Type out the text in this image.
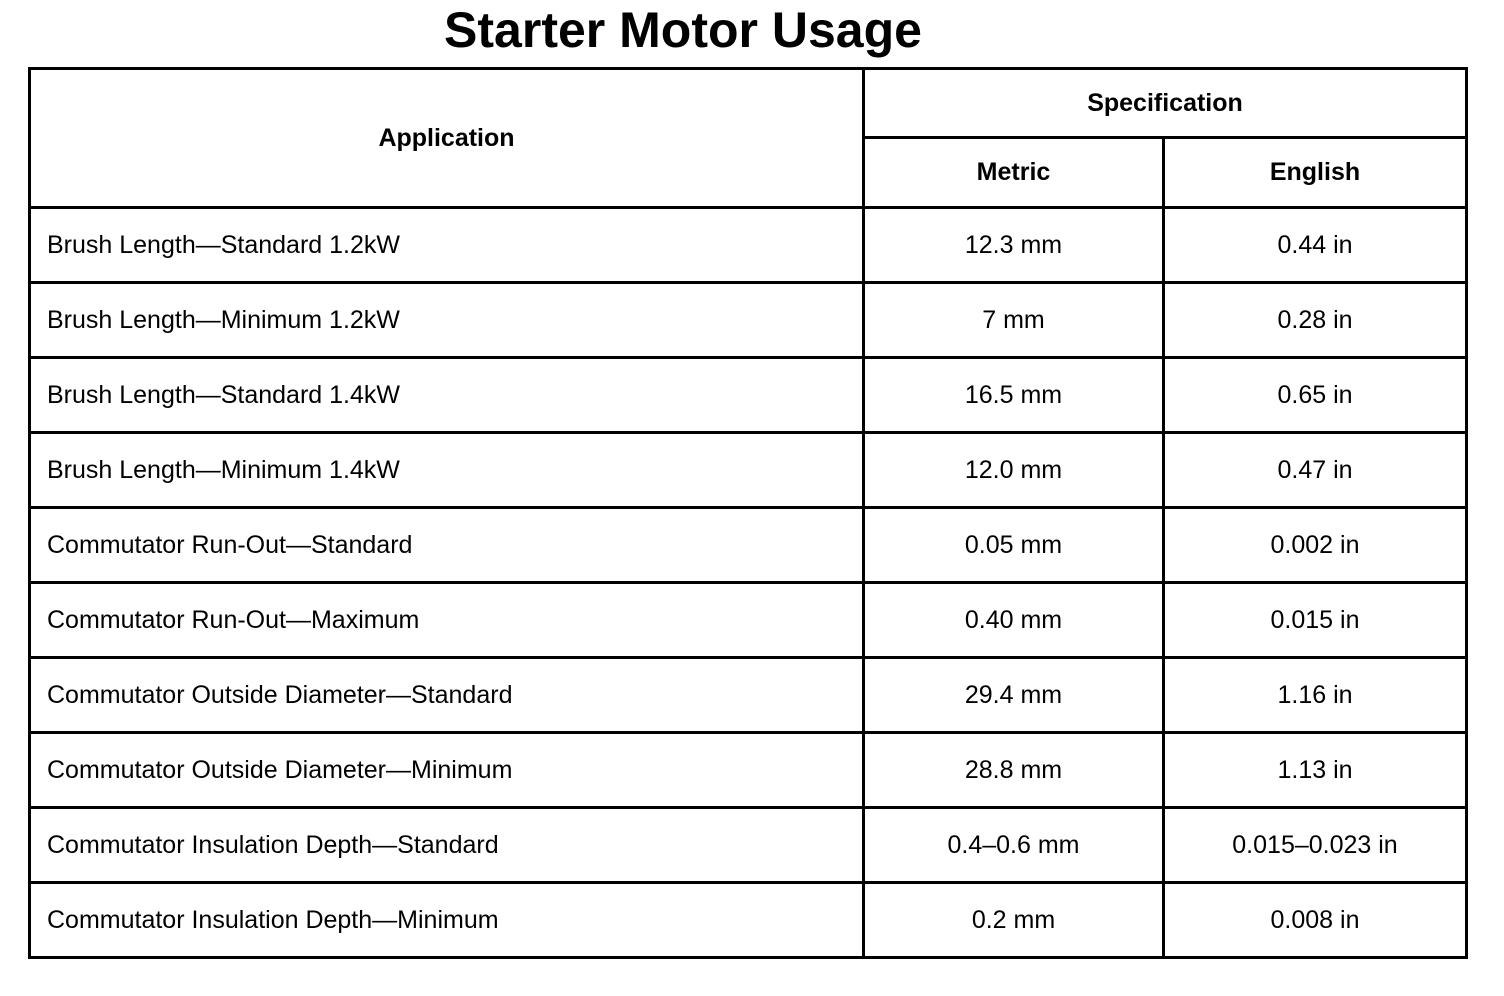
Starter Motor Usage
Application	Specification	
	Metric	English
Brush Length—Standard 1.2kW	12.3 mm	0.44 in
Brush Length—Minimum 1.2kW	7 mm	0.28 in
Brush Length—Standard 1.4kW	16.5 mm	0.65 in
Brush Length—Minimum 1.4kW	12.0 mm	0.47 in
Commutator Run-Out—Standard	0.05 mm	0.002 in
Commutator Run-Out—Maximum	0.40 mm	0.015 in
Commutator Outside Diameter—Standard	29.4 mm	1.16 in
Commutator Outside Diameter—Minimum	28.8 mm	1.13 in
Commutator Insulation Depth—Standard	0.4–0.6 mm	0.015–0.023 in
Commutator Insulation Depth—Minimum	0.2 mm	0.008 in
